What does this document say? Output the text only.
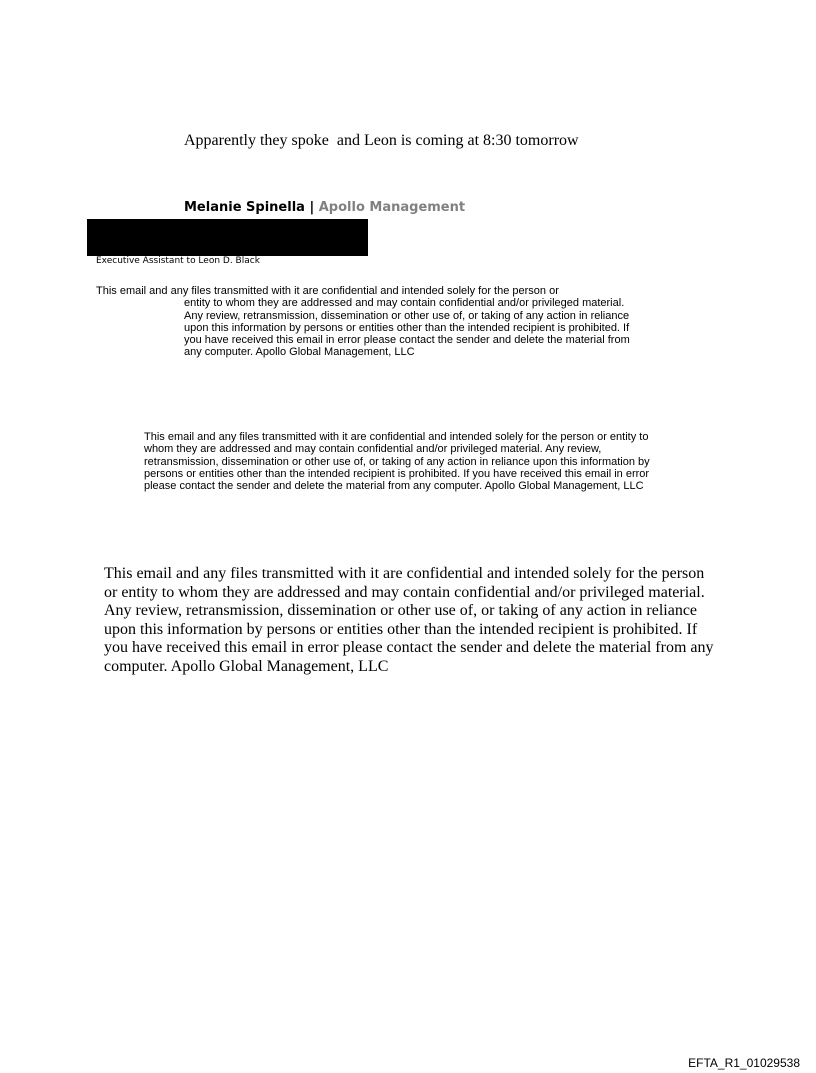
Apparently they spoke  and Leon is coming at 8:30 tomorrow
Melanie Spinella | Apollo Management
Executive Assistant to Leon D. Black
This email and any files transmitted with it are confidential and intended solely for the person or
entity to whom they are addressed and may contain confidential and/or privileged material. Any review, retransmission, dissemination or other use of, or taking of any action in reliance upon this information by persons or entities other than the intended recipient is prohibited. If you have received this email in error please contact the sender and delete the material from any computer. Apollo Global Management, LLC
This email and any files transmitted with it are confidential and intended solely for the person or entity to whom they are addressed and may contain confidential and/or privileged material. Any review, retransmission, dissemination or other use of, or taking of any action in reliance upon this information by persons or entities other than the intended recipient is prohibited. If you have received this email in error please contact the sender and delete the material from any computer. Apollo Global Management, LLC
This email and any files transmitted with it are confidential and intended solely for the person or entity to whom they are addressed and may contain confidential and/or privileged material. Any review, retransmission, dissemination or other use of, or taking of any action in reliance upon this information by persons or entities other than the intended recipient is prohibited. If you have received this email in error please contact the sender and delete the material from any computer. Apollo Global Management, LLC
EFTA_R1_01029538
